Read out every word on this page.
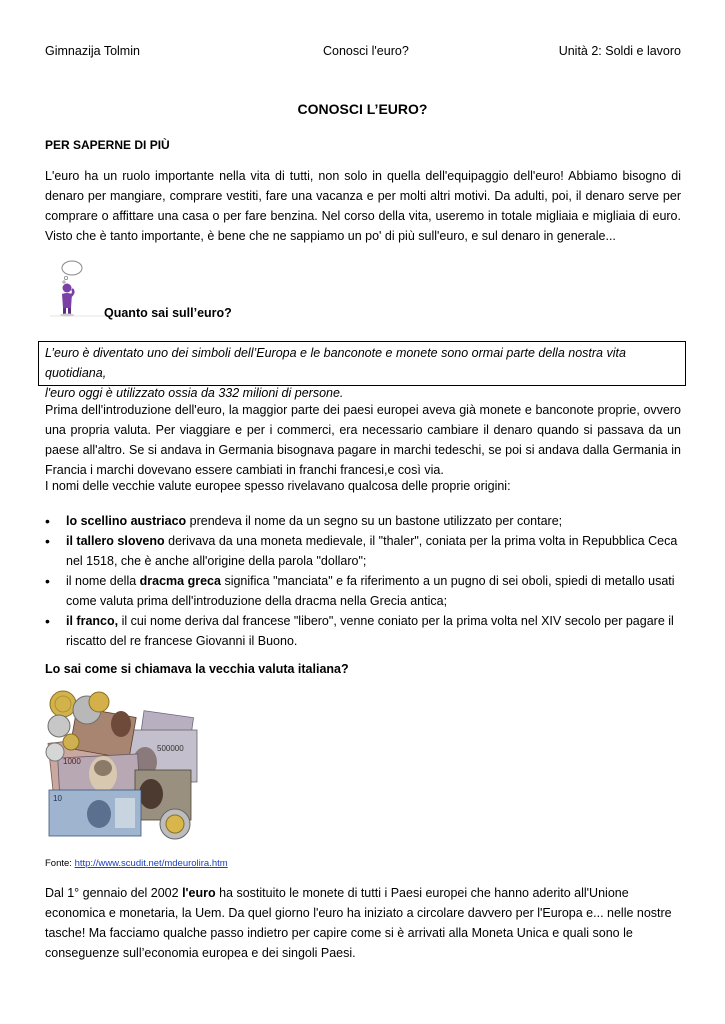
Gimnazija Tolmin	Conosci l'euro?	Unità 2: Soldi e lavoro
CONOSCI L’EURO?
PER SAPERNE DI PIÙ
L'euro ha un ruolo importante nella vita di tutti, non solo in quella dell'equipaggio dell'euro! Abbiamo bisogno di denaro per mangiare, comprare vestiti, fare una vacanza e per molti altri motivi. Da adulti, poi, il denaro serve per comprare o affittare una casa o per fare benzina. Nel corso della vita, useremo in totale migliaia e migliaia di euro. Visto che è tanto importante, è bene che ne sappiamo un po' di più sull'euro, e sul denaro in generale...
Quanto sai sull’euro?
L’euro è diventato uno dei simboli dell’Europa e le banconote e monete sono ormai parte della nostra vita quotidiana,
l'euro oggi è utilizzato ossia da 332 milioni di persone.
Prima dell'introduzione dell'euro, la maggior parte dei paesi europei aveva già monete e banconote proprie, ovvero una propria valuta. Per viaggiare e per i commerci, era necessario cambiare il denaro quando si passava da un paese all'altro. Se si andava in Germania bisognava pagare in marchi tedeschi, se poi si andava dalla Germania in Francia i marchi dovevano essere cambiati in franchi francesi,e così via.
I nomi delle vecchie valute europee spesso rivelavano qualcosa delle proprie origini:
• lo scellino austriaco prendeva il nome da un segno su un bastone utilizzato per contare;
• il tallero sloveno derivava da una moneta medievale, il "thaler", coniata per la prima volta in Repubblica Ceca nel 1518, che è anche all'origine della parola "dollaro";
• il nome della dracma greca significa "manciata" e fa riferimento a un pugno di sei oboli, spiedi di metallo usati come valuta prima dell'introduzione della dracma nella Grecia antica;
• il franco, il cui nome deriva dal francese "libero", venne coniato per la prima volta nel XIV secolo per pagare il riscatto del re francese Giovanni il Buono.
Lo sai come si chiamava la vecchia valuta italiana?
500000
1000
10
Fonte: http://www.scudit.net/mdeurolira.htm
Dal 1° gennaio del 2002 l'euro ha sostituito le monete di tutti i Paesi europei che hanno aderito all'Unione economica e monetaria, la Uem. Da quel giorno l'euro ha iniziato a circolare davvero per l'Europa e... nelle nostre tasche! Ma facciamo qualche passo indietro per capire come si è arrivati alla Moneta Unica e quali sono le conseguenze sull’economia europea e dei singoli Paesi.
